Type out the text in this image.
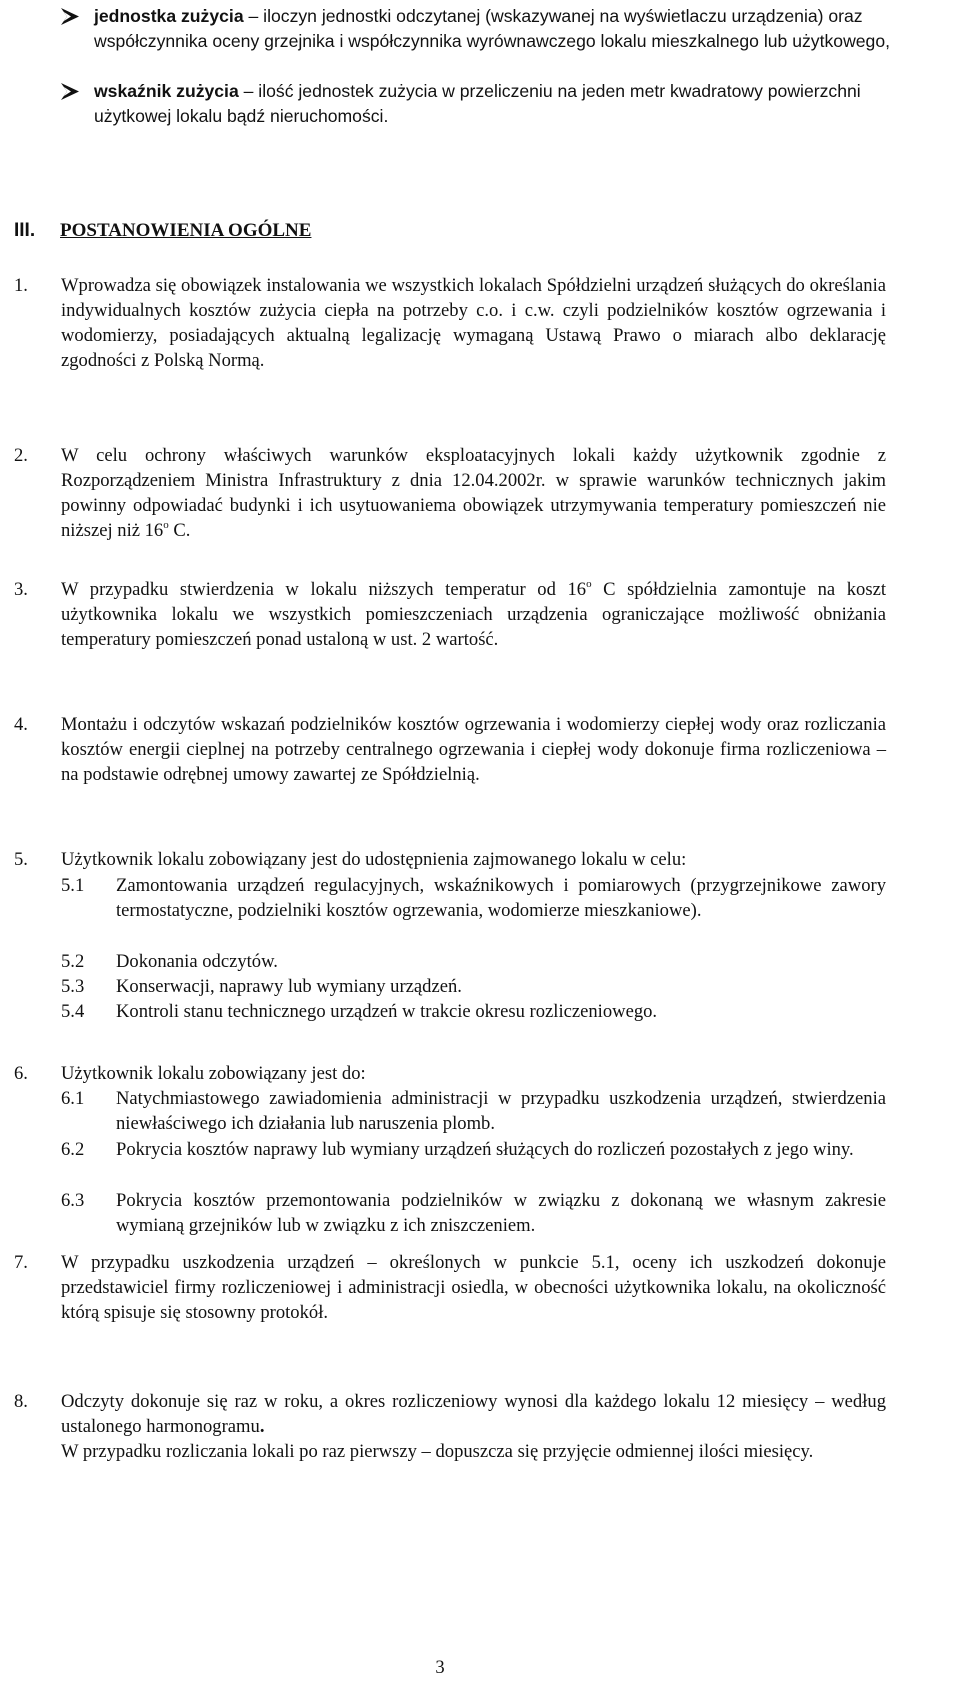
jednostka zużycia – iloczyn jednostki odczytanej (wskazywanej na wyświetlaczu urządzenia) oraz współczynnika oceny grzejnika i współczynnika wyrównawczego lokalu mieszkalnego lub użytkowego,
wskaźnik zużycia – ilość jednostek zużycia w przeliczeniu na jeden metr kwadratowy powierzchni użytkowej lokalu bądź nieruchomości.

III. POSTANOWIENIA OGÓLNE

1. Wprowadza się obowiązek instalowania we wszystkich lokalach Spółdzielni urządzeń służących do określania indywidualnych kosztów zużycia ciepła na potrzeby c.o. i c.w. czyli podzielników kosztów ogrzewania i wodomierzy, posiadających aktualną legalizację wymaganą Ustawą Prawo o miarach albo deklarację zgodności z Polską Normą.
2. W celu ochrony właściwych warunków eksploatacyjnych lokali każdy użytkownik zgodnie z Rozporządzeniem Ministra Infrastruktury z dnia 12.04.2002r. w sprawie warunków technicznych jakim powinny odpowiadać budynki i ich usytuowaniema obowiązek utrzymywania temperatury pomieszczeń nie niższej niż 16$^o$ C.
3. W przypadku stwierdzenia w lokalu niższych temperatur od 16$^o$ C spółdzielnia zamontuje na koszt użytkownika lokalu we wszystkich pomieszczeniach urządzenia ograniczające możliwość obniżania temperatury pomieszczeń ponad ustaloną w ust. 2 wartość.
4. Montażu i odczytów wskazań podzielników kosztów ogrzewania i wodomierzy ciepłej wody oraz rozliczania kosztów energii cieplnej na potrzeby centralnego ogrzewania i ciepłej wody dokonuje firma rozliczeniowa – na podstawie odrębnej umowy zawartej ze Spółdzielnią.
5. Użytkownik lokalu zobowiązany jest do udostępnienia zajmowanego lokalu w celu:
5.1 Zamontowania urządzeń regulacyjnych, wskaźnikowych i pomiarowych (przygrzejnikowe zawory termostatyczne, podzielniki kosztów ogrzewania, wodomierze mieszkaniowe).
5.2 Dokonania odczytów.
5.3 Konserwacji, naprawy lub wymiany urządzeń.
5.4 Kontroli stanu technicznego urządzeń w trakcie okresu rozliczeniowego.
6. Użytkownik lokalu zobowiązany jest do:
6.1 Natychmiastowego zawiadomienia administracji w przypadku uszkodzenia urządzeń, stwierdzenia niewłaściwego ich działania lub naruszenia plomb.
6.2 Pokrycia kosztów naprawy lub wymiany urządzeń służących do rozliczeń pozostałych z jego winy.
6.3 Pokrycia kosztów przemontowania podzielników w związku z dokonaną we własnym zakresie wymianą grzejników lub w związku z ich zniszczeniem.
7. W przypadku uszkodzenia urządzeń – określonych w punkcie 5.1, oceny ich uszkodzeń dokonuje przedstawiciel firmy rozliczeniowej i administracji osiedla, w obecności użytkownika lokalu, na okoliczność którą spisuje się stosowny protokół.
8. Odczyty dokonuje się raz w roku, a okres rozliczeniowy wynosi dla każdego lokalu 12 miesięcy – według ustalonego harmonogramu.
W przypadku rozliczania lokali po raz pierwszy – dopuszcza się przyjęcie odmiennej ilości miesięcy.

3
